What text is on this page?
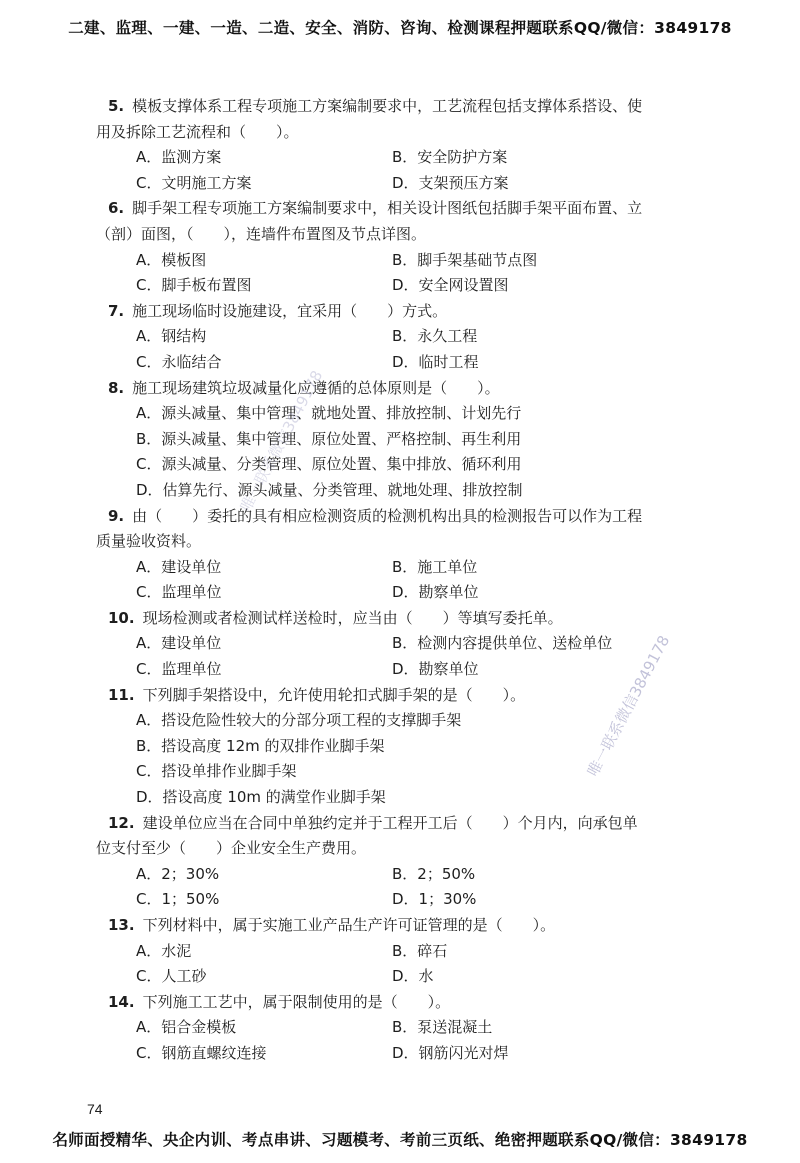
二建、监理、一建、一造、二造、安全、消防、咨询、检测课程押题联系QQ/微信：3849178
5. 模板支撑体系工程专项施工方案编制要求中，工艺流程包括支撑体系搭设、使
用及拆除工艺流程和（　　）。
A．监测方案	B．安全防护方案
C．文明施工方案	D．支架预压方案
6. 脚手架工程专项施工方案编制要求中，相关设计图纸包括脚手架平面布置、立
（剖）面图，（　　），连墙件布置图及节点详图。
A．模板图	B．脚手架基础节点图
C．脚手板布置图	D．安全网设置图
7. 施工现场临时设施建设，宜采用（　　）方式。
A．钢结构	B．永久工程
C．永临结合	D．临时工程
8. 施工现场建筑垃圾减量化应遵循的总体原则是（　　）。
A．源头减量、集中管理、就地处置、排放控制、计划先行
B．源头减量、集中管理、原位处置、严格控制、再生利用
C．源头减量、分类管理、原位处置、集中排放、循环利用
D．估算先行、源头减量、分类管理、就地处理、排放控制
9. 由（　　）委托的具有相应检测资质的检测机构出具的检测报告可以作为工程
质量验收资料。
A．建设单位	B．施工单位
C．监理单位	D．勘察单位
10. 现场检测或者检测试样送检时，应当由（　　）等填写委托单。
A．建设单位	B．检测内容提供单位、送检单位
C．监理单位	D．勘察单位
11. 下列脚手架搭设中，允许使用轮扣式脚手架的是（　　）。
A．搭设危险性较大的分部分项工程的支撑脚手架
B．搭设高度 12m 的双排作业脚手架
C．搭设单排作业脚手架
D．搭设高度 10m 的满堂作业脚手架
12. 建设单位应当在合同中单独约定并于工程开工后（　　）个月内，向承包单
位支付至少（　　）企业安全生产费用。
A．2；30%	B．2；50%
C．1；50%	D．1；30%
13. 下列材料中，属于实施工业产品生产许可证管理的是（　　）。
A．水泥	B．碎石
C．人工砂	D．水
14. 下列施工工艺中，属于限制使用的是（　　）。
A．铝合金模板	B．泵送混凝土
C．钢筋直螺纹连接	D．钢筋闪光对焊
74
名师面授精华、央企内训、考点串讲、习题模考、考前三页纸、绝密押题联系QQ/微信：3849178
唯一联系微信3849178
唯一联系微信3849178
